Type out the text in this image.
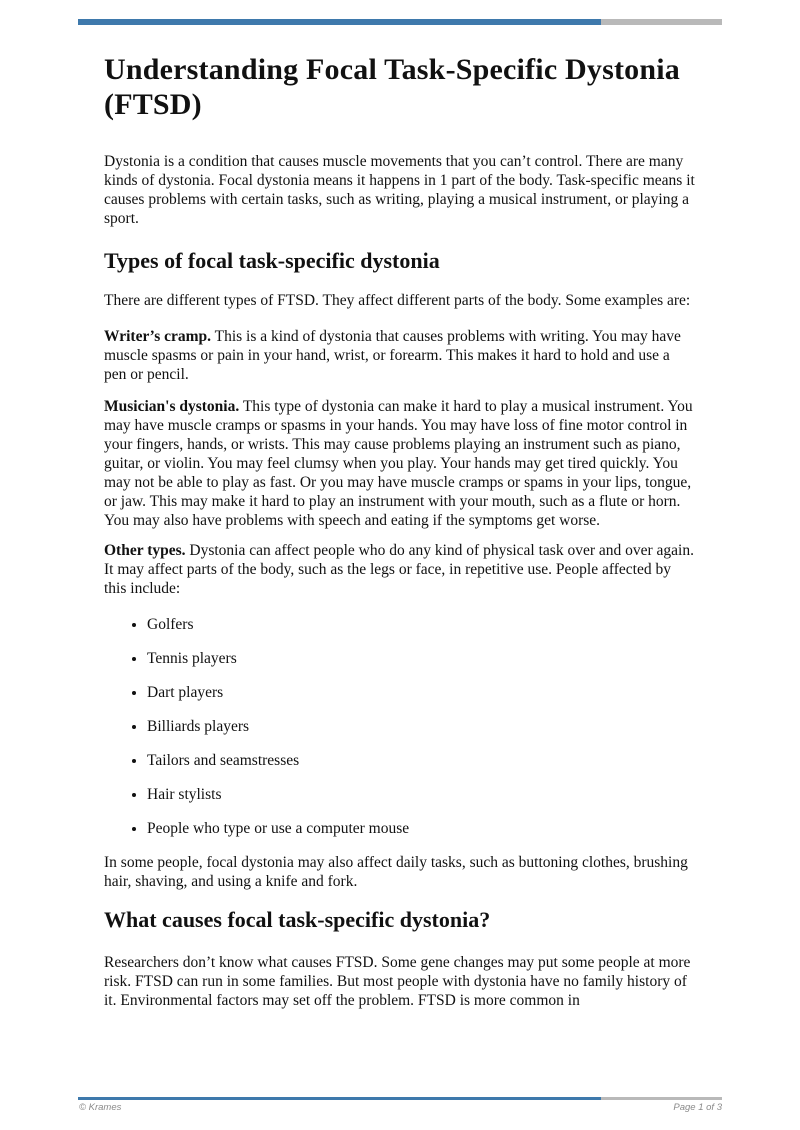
Understanding Focal Task-Specific Dystonia (FTSD)

Dystonia is a condition that causes muscle movements that you can’t control. There are many kinds of dystonia. Focal dystonia means it happens in 1 part of the body. Task-specific means it causes problems with certain tasks, such as writing, playing a musical instrument, or playing a sport.

Types of focal task-specific dystonia

There are different types of FTSD. They affect different parts of the body. Some examples are:

Writer’s cramp. This is a kind of dystonia that causes problems with writing. You may have muscle spasms or pain in your hand, wrist, or forearm. This makes it hard to hold and use a pen or pencil.

Musician's dystonia. This type of dystonia can make it hard to play a musical instrument. You may have muscle cramps or spasms in your hands. You may have loss of fine motor control in your fingers, hands, or wrists. This may cause problems playing an instrument such as piano, guitar, or violin. You may feel clumsy when you play. Your hands may get tired quickly. You may not be able to play as fast. Or you may have muscle cramps or spams in your lips, tongue, or jaw. This may make it hard to play an instrument with your mouth, such as a flute or horn. You may also have problems with speech and eating if the symptoms get worse.

Other types. Dystonia can affect people who do any kind of physical task over and over again. It may affect parts of the body, such as the legs or face, in repetitive use. People affected by this include:

• Golfers
• Tennis players
• Dart players
• Billiards players
• Tailors and seamstresses
• Hair stylists
• People who type or use a computer mouse

In some people, focal dystonia may also affect daily tasks, such as buttoning clothes, brushing hair, shaving, and using a knife and fork.

What causes focal task-specific dystonia?

Researchers don’t know what causes FTSD. Some gene changes may put some people at more risk. FTSD can run in some families. But most people with dystonia have no family history of it. Environmental factors may set off the problem. FTSD is more common in

© Krames	Page 1 of 3
